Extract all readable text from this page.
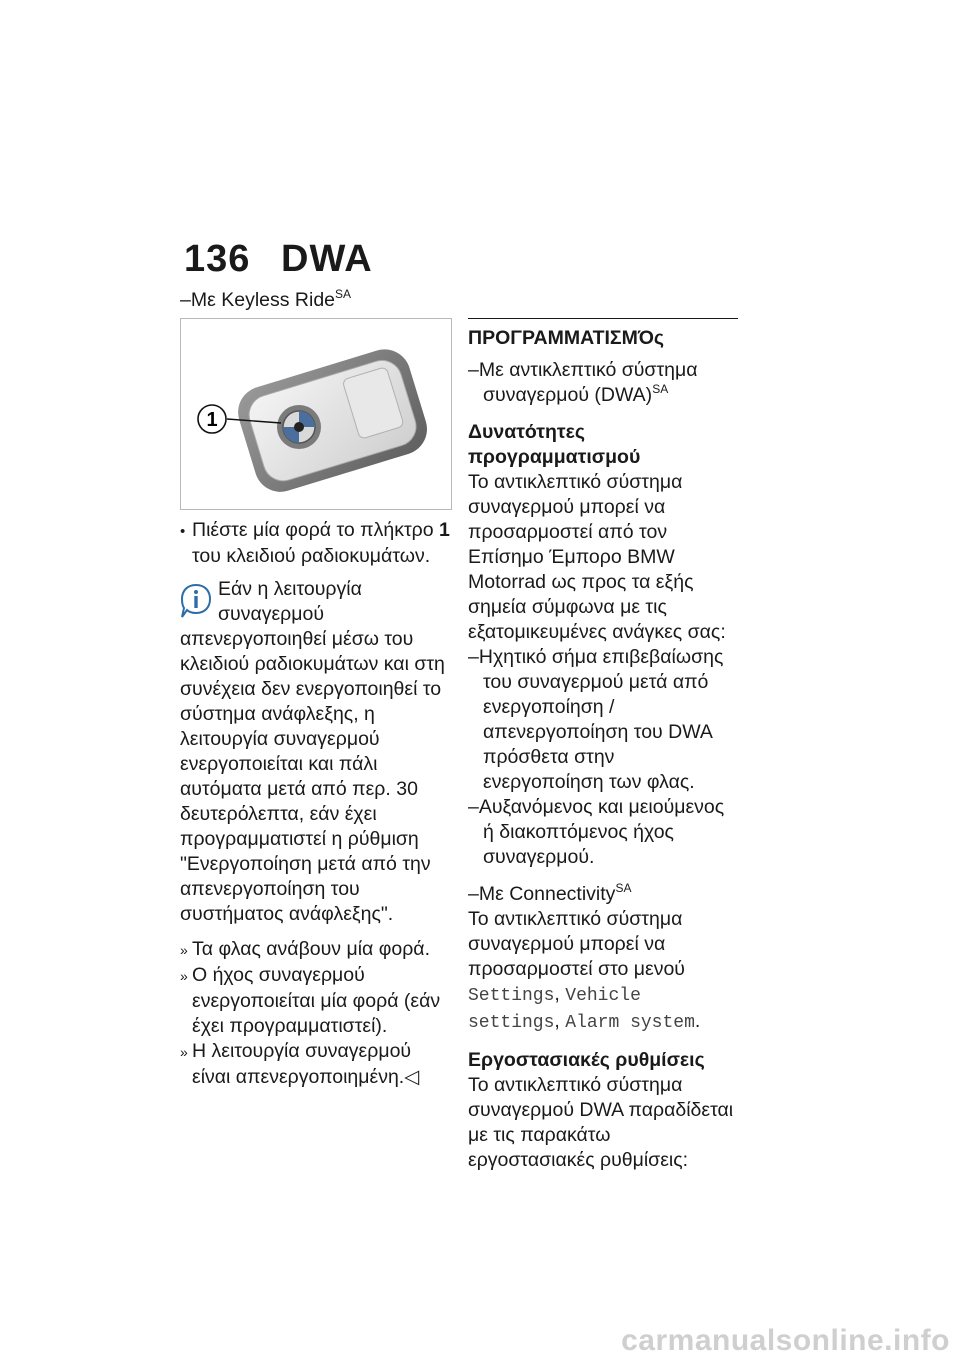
136 DWA

– Με Keyless Ride$^{SA}$

1

• Πιέστε μία φορά το πλήκτρο 1 του κλειδιού ραδιοκυμάτων.

Εάν η λειτουργία συναγερμού απενεργοποιηθεί μέσω του κλειδιού ραδιοκυμάτων και στη συνέχεια δεν ενεργοποιηθεί το σύστημα ανάφλεξης, η λειτουργία συναγερμού ενεργοποιείται και πάλι αυτόματα μετά από περ. 30 δευτερόλεπτα, εάν έχει προγραμματιστεί η ρύθμιση "Ενεργοποίηση μετά από την απενεργοποίηση του συστήματος ανάφλεξης".

» Τα φλας ανάβουν μία φορά.

» Ο ήχος συναγερμού ενεργοποιείται μία φορά (εάν έχει προγραμματιστεί).

» Η λειτουργία συναγερμού είναι απενεργοποιημένη.◁

ΠΡΟΓΡΑΜΜΑΤΙΣΜΌς

– Με αντικλεπτικό σύστημα συναγερμού (DWA)$^{SA}$

Δυνατότητες προγραμματισμού

Το αντικλεπτικό σύστημα συναγερμού μπορεί να προσαρμοστεί από τον Επίσημο Έμπορο BMW Motorrad ως προς τα εξής σημεία σύμφωνα με τις εξατομικευμένες ανάγκες σας:

– Ηχητικό σήμα επιβεβαίωσης του συναγερμού μετά από ενεργοποίηση / απενεργοποίηση του DWA πρόσθετα στην ενεργοποίηση των φλας.

– Αυξανόμενος και μειούμενος ή διακοπτόμενος ήχος συναγερμού.

– Με Connectivity$^{SA}$

Το αντικλεπτικό σύστημα συναγερμού μπορεί να προσαρμοστεί στο μενού Settings, Vehicle settings, Alarm system.

Εργοστασιακές ρυθμίσεις

Το αντικλεπτικό σύστημα συναγερμού DWA παραδίδεται με τις παρακάτω εργοστασιακές ρυθμίσεις:

carmanualsonline.info
